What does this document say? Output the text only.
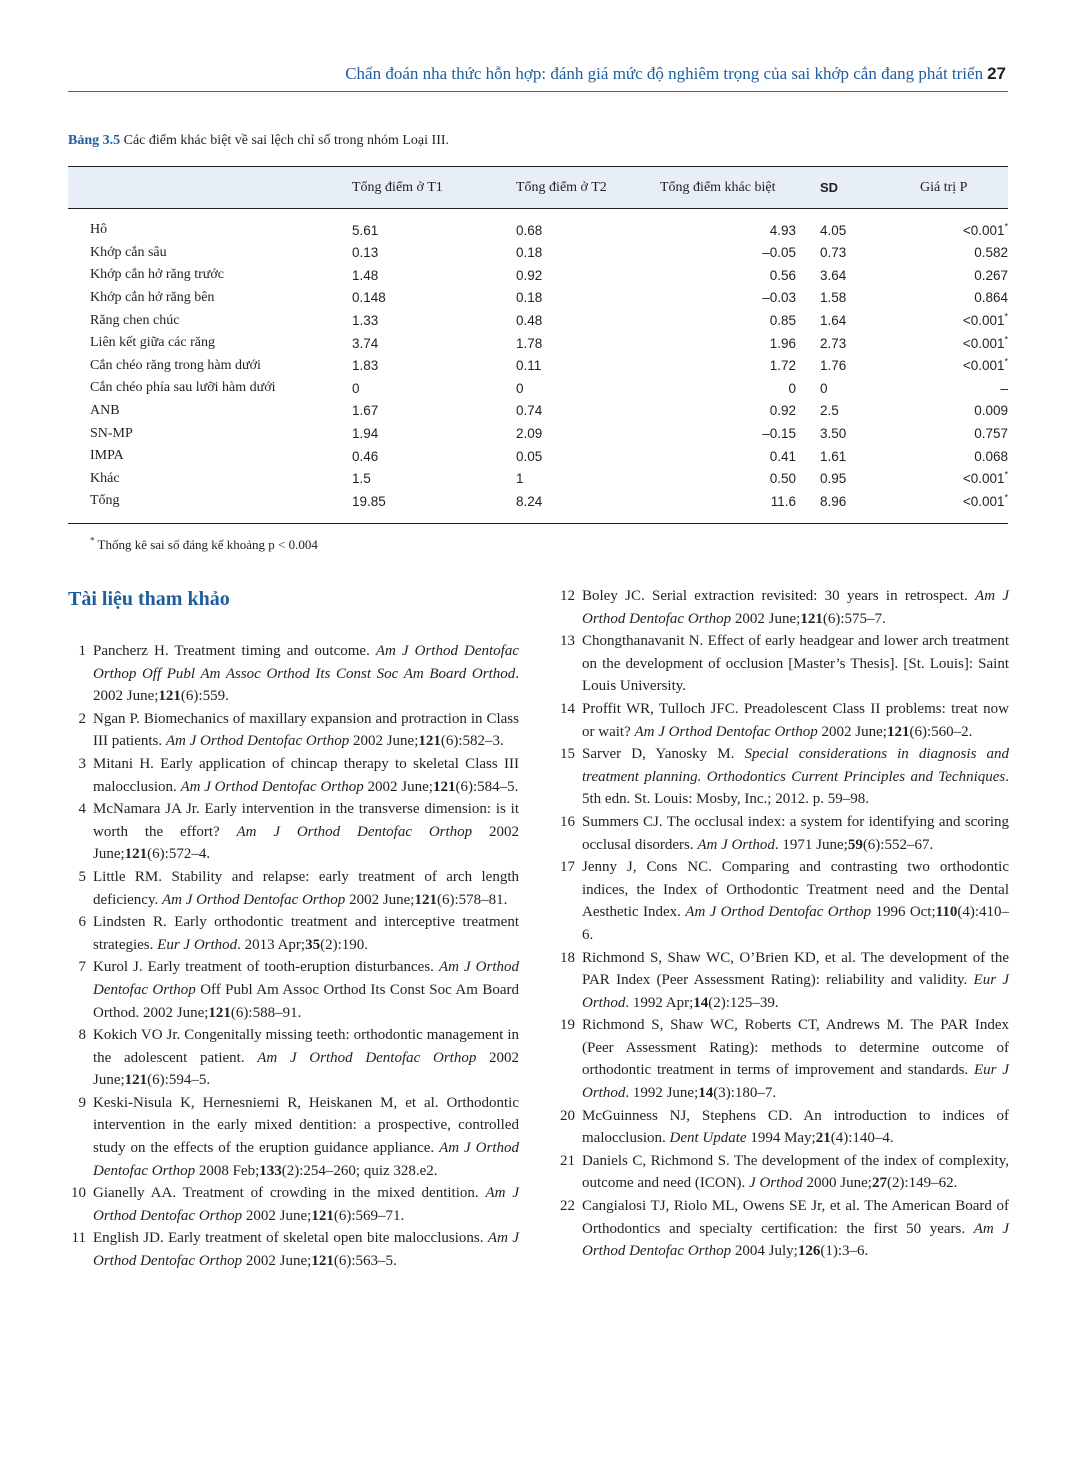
Chẩn đoán nha thức hỗn hợp: đánh giá mức độ nghiêm trọng của sai khớp cắn đang phát triển 27
Bảng 3.5 Các điểm khác biệt về sai lệch chỉ số trong nhóm Loại III.
	Tổng điểm ở T1	Tổng điểm ở T2	Tổng điểm khác biệt	SD	Giá trị P
Hô	5.61	0.68	4.93	4.05	<0.001*
Khớp cắn sâu	0.13	0.18	–0.05	0.73	0.582
Khớp cắn hở răng trước	1.48	0.92	0.56	3.64	0.267
Khớp cắn hở răng bên	0.148	0.18	–0.03	1.58	0.864
Răng chen chúc	1.33	0.48	0.85	1.64	<0.001*
Liên kết giữa các răng	3.74	1.78	1.96	2.73	<0.001*
Cắn chéo răng trong hàm dưới	1.83	0.11	1.72	1.76	<0.001*
Cắn chéo phía sau lưỡi hàm dưới	0	0	0	0	–
ANB	1.67	0.74	0.92	2.5	0.009
SN-MP	1.94	2.09	–0.15	3.50	0.757
IMPA	0.46	0.05	0.41	1.61	0.068
Khác	1.5	1	0.50	0.95	<0.001*
Tổng	19.85	8.24	11.6	8.96	<0.001*
* Thống kê sai số đáng kể khoảng p < 0.004
Tài liệu tham khảo
1 Pancherz H. Treatment timing and outcome. Am J Orthod Dentofac Orthop Off Publ Am Assoc Orthod Its Const Soc Am Board Orthod. 2002 June;121(6):559.
2 Ngan P. Biomechanics of maxillary expansion and protraction in Class III patients. Am J Orthod Dentofac Orthop 2002 June;121(6):582–3.
3 Mitani H. Early application of chincap therapy to skeletal Class III malocclusion. Am J Orthod Dentofac Orthop 2002 June;121(6):584–5.
4 McNamara JA Jr. Early intervention in the transverse dimension: is it worth the effort? Am J Orthod Dentofac Orthop 2002 June;121(6):572–4.
5 Little RM. Stability and relapse: early treatment of arch length deficiency. Am J Orthod Dentofac Orthop 2002 June;121(6):578–81.
6 Lindsten R. Early orthodontic treatment and interceptive treatment strategies. Eur J Orthod. 2013 Apr;35(2):190.
7 Kurol J. Early treatment of tooth-eruption disturbances. Am J Orthod Dentofac Orthop Off Publ Am Assoc Orthod Its Const Soc Am Board Orthod. 2002 June;121(6):588–91.
8 Kokich VO Jr. Congenitally missing teeth: orthodontic management in the adolescent patient. Am J Orthod Dentofac Orthop 2002 June;121(6):594–5.
9 Keski-Nisula K, Hernesniemi R, Heiskanen M, et al. Orthodontic intervention in the early mixed dentition: a prospective, controlled study on the effects of the eruption guidance appliance. Am J Orthod Dentofac Orthop 2008 Feb;133(2):254–260; quiz 328.e2.
10 Gianelly AA. Treatment of crowding in the mixed dentition. Am J Orthod Dentofac Orthop 2002 June;121(6):569–71.
11 English JD. Early treatment of skeletal open bite malocclusions. Am J Orthod Dentofac Orthop 2002 June;121(6):563–5.
12 Boley JC. Serial extraction revisited: 30 years in retrospect. Am J Orthod Dentofac Orthop 2002 June;121(6):575–7.
13 Chongthanavanit N. Effect of early headgear and lower arch treatment on the development of occlusion [Master’s Thesis]. [St. Louis]: Saint Louis University.
14 Proffit WR, Tulloch JFC. Preadolescent Class II problems: treat now or wait? Am J Orthod Dentofac Orthop 2002 June;121(6):560–2.
15 Sarver D, Yanosky M. Special considerations in diagnosis and treatment planning. Orthodontics Current Principles and Techniques. 5th edn. St. Louis: Mosby, Inc.; 2012. p. 59–98.
16 Summers CJ. The occlusal index: a system for identifying and scoring occlusal disorders. Am J Orthod. 1971 June;59(6):552–67.
17 Jenny J, Cons NC. Comparing and contrasting two orthodontic indices, the Index of Orthodontic Treatment need and the Dental Aesthetic Index. Am J Orthod Dentofac Orthop 1996 Oct;110(4):410–6.
18 Richmond S, Shaw WC, O’Brien KD, et al. The development of the PAR Index (Peer Assessment Rating): reliability and validity. Eur J Orthod. 1992 Apr;14(2):125–39.
19 Richmond S, Shaw WC, Roberts CT, Andrews M. The PAR Index (Peer Assessment Rating): methods to determine outcome of orthodontic treatment in terms of improvement and standards. Eur J Orthod. 1992 June;14(3):180–7.
20 McGuinness NJ, Stephens CD. An introduction to indices of malocclusion. Dent Update 1994 May;21(4):140–4.
21 Daniels C, Richmond S. The development of the index of complexity, outcome and need (ICON). J Orthod 2000 June;27(2):149–62.
22 Cangialosi TJ, Riolo ML, Owens SE Jr, et al. The American Board of Orthodontics and specialty certification: the first 50 years. Am J Orthod Dentofac Orthop 2004 July;126(1):3–6.
